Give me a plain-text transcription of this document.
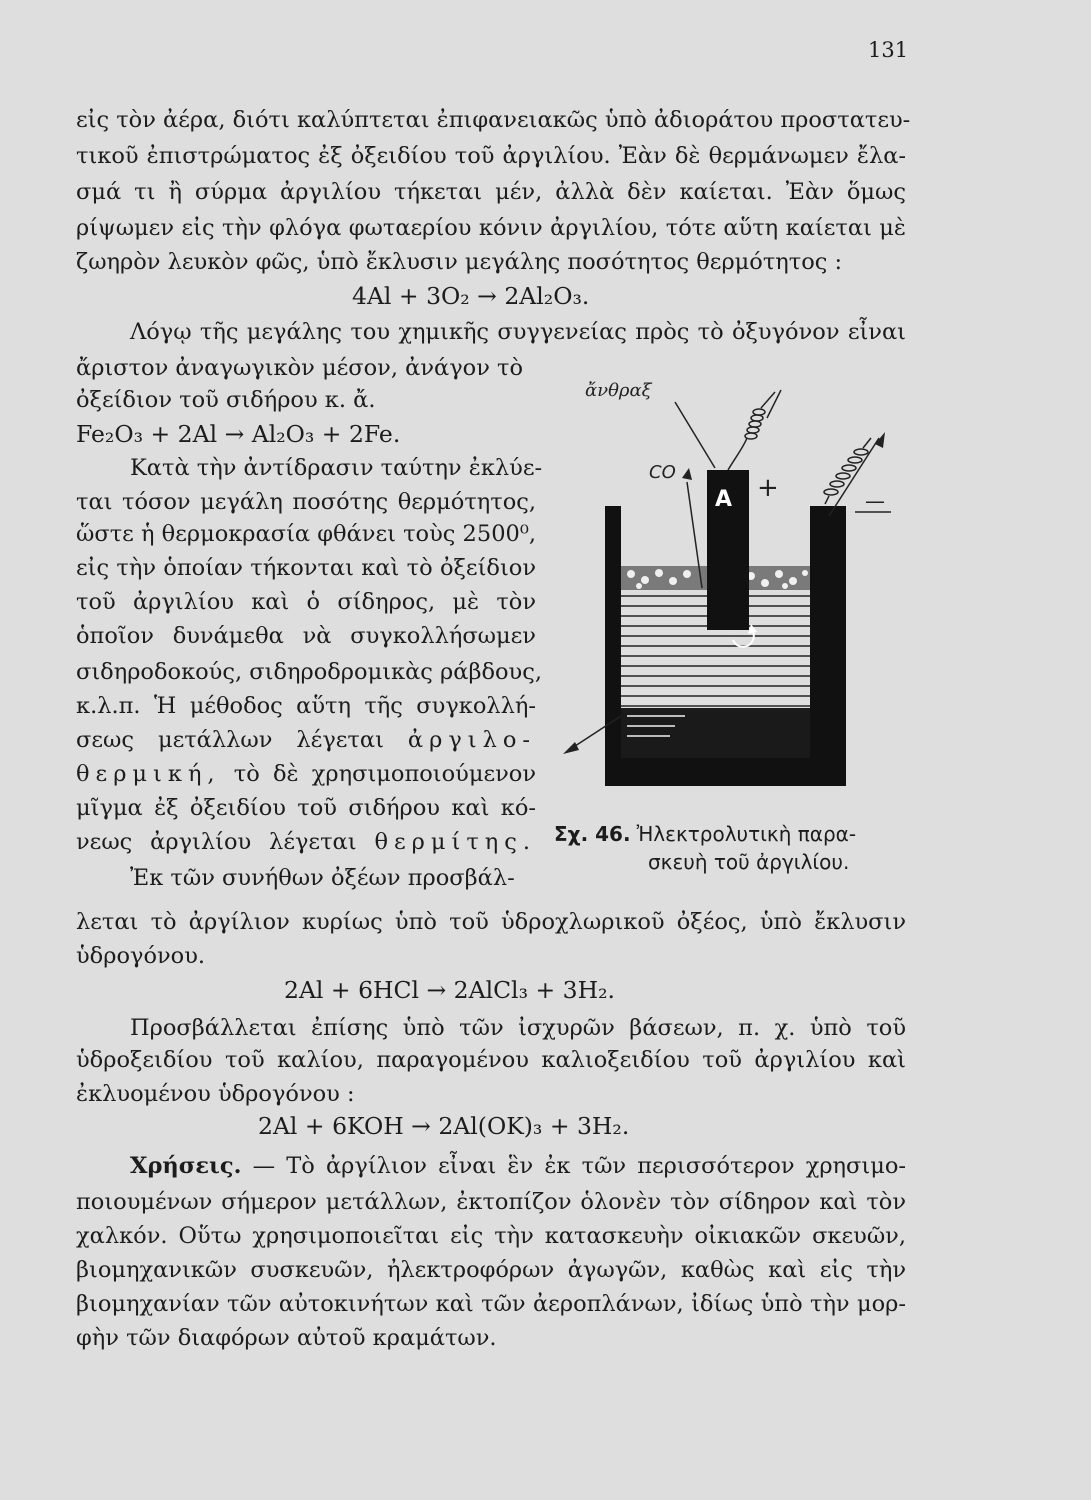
131
εἰς τὸν ἀέρα, διότι καλύπτεται ἐπιφανειακῶς ὑπὸ ἀδιοράτου προστατευ-
τικοῦ ἐπιστρώματος ἐξ ὀξειδίου τοῦ ἀργιλίου. Ἐὰν δὲ θερμάνωμεν ἔλα-
σμά τι ἢ σύρμα ἀργιλίου τήκεται μέν, ἀλλὰ δὲν καίεται. Ἐὰν ὅμως
ρίψωμεν εἰς τὴν φλόγα φωταερίου κόνιν ἀργιλίου, τότε αὕτη καίεται μὲ
ζωηρὸν λευκὸν φῶς, ὑπὸ ἔκλυσιν μεγάλης ποσότητος θερμότητος :
4Al + 3O₂ → 2Al₂O₃.
Λόγῳ τῆς μεγάλης του χημικῆς συγγενείας πρὸς τὸ ὀξυγόνον εἶναι
ἄριστον ἀναγωγικὸν μέσον, ἀνάγον τὸ
ὀξείδιον τοῦ σιδήρου κ. ἄ.
Fe₂O₃ + 2Al → Al₂O₃ + 2Fe.
Κατὰ τὴν ἀντίδρασιν ταύτην ἐκλύε-
ται τόσον μεγάλη ποσότης θερμότητος,
ὥστε ἡ θερμοκρασία φθάνει τοὺς 2500⁰,
εἰς τὴν ὁποίαν τήκονται καὶ τὸ ὀξείδιον
τοῦ ἀργιλίου καὶ ὁ σίδηρος, μὲ τὸν
ὁποῖον δυνάμεθα νὰ συγκολλήσωμεν
σιδηροδοκούς, σιδηροδρομικὰς ράβδους,
κ.λ.π. Ἡ μέθοδος αὕτη τῆς συγκολλή-
σεως μετάλλων λέγεται ἀργιλο-
θερμική, τὸ δὲ χρησιμοποιούμενον
μῖγμα ἐξ ὀξειδίου τοῦ σιδήρου καὶ κό-
νεως ἀργιλίου λέγεται θερμίτης.
Ἐκ τῶν συνήθων ὀξέων προσβάλ-
A
ἄνθραξ
CO
+	—
Σχ. 46. Ἠλεκτρολυτικὴ παρα-
σκευὴ τοῦ ἀργιλίου.
λεται τὸ ἀργίλιον κυρίως ὑπὸ τοῦ ὑδροχλωρικοῦ ὀξέος, ὑπὸ ἔκλυσιν
ὑδρογόνου.
2Al + 6HCl → 2AlCl₃ + 3H₂.
Προσβάλλεται ἐπίσης ὑπὸ τῶν ἰσχυρῶν βάσεων, π. χ. ὑπὸ τοῦ
ὑδροξειδίου τοῦ καλίου, παραγομένου καλιοξειδίου τοῦ ἀργιλίου καὶ
ἐκλυομένου ὑδρογόνου :
2Al + 6KOH → 2Al(OK)₃ + 3H₂.
Χρήσεις. — Τὸ ἀργίλιον εἶναι ἓν ἐκ τῶν περισσότερον χρησιμο-
ποιουμένων σήμερον μετάλλων, ἐκτοπίζον ὁλονὲν τὸν σίδηρον καὶ τὸν
χαλκόν. Οὕτω χρησιμοποιεῖται εἰς τὴν κατασκευὴν οἰκιακῶν σκευῶν,
βιομηχανικῶν συσκευῶν, ἠλεκτροφόρων ἀγωγῶν, καθὼς καὶ εἰς τὴν
βιομηχανίαν τῶν αὐτοκινήτων καὶ τῶν ἀεροπλάνων, ἰδίως ὑπὸ τὴν μορ-
φὴν τῶν διαφόρων αὐτοῦ κραμάτων.
